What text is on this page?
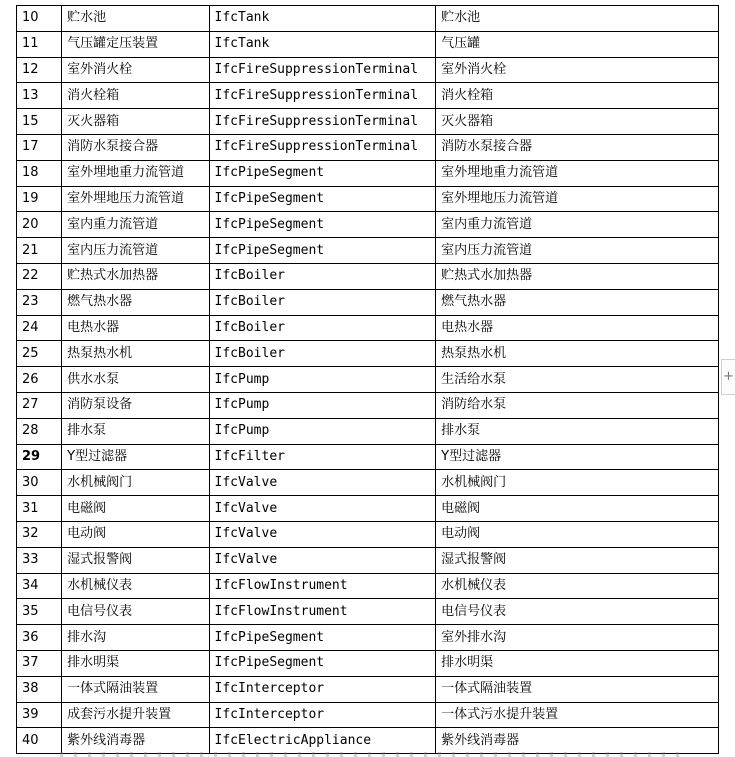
10	贮水池	IfcTank	贮水池
11	气压罐定压装置	IfcTank	气压罐
12	室外消火栓	IfcFireSuppressionTerminal	室外消火栓
13	消火栓箱	IfcFireSuppressionTerminal	消火栓箱
15	灭火器箱	IfcFireSuppressionTerminal	灭火器箱
17	消防水泵接合器	IfcFireSuppressionTerminal	消防水泵接合器
18	室外埋地重力流管道	IfcPipeSegment	室外埋地重力流管道
19	室外埋地压力流管道	IfcPipeSegment	室外埋地压力流管道
20	室内重力流管道	IfcPipeSegment	室内重力流管道
21	室内压力流管道	IfcPipeSegment	室内压力流管道
22	贮热式水加热器	IfcBoiler	贮热式水加热器
23	燃气热水器	IfcBoiler	燃气热水器
24	电热水器	IfcBoiler	电热水器
25	热泵热水机	IfcBoiler	热泵热水机
26	供水水泵	IfcPump	生活给水泵
27	消防泵设备	IfcPump	消防给水泵
28	排水泵	IfcPump	排水泵
29	Y型过滤器	IfcFilter	Y型过滤器
30	水机械阀门	IfcValve	水机械阀门
31	电磁阀	IfcValve	电磁阀
32	电动阀	IfcValve	电动阀
33	湿式报警阀	IfcValve	湿式报警阀
34	水机械仪表	IfcFlowInstrument	水机械仪表
35	电信号仪表	IfcFlowInstrument	电信号仪表
36	排水沟	IfcPipeSegment	室外排水沟
37	排水明渠	IfcPipeSegment	排水明渠
38	一体式隔油装置	IfcInterceptor	一体式隔油装置
39	成套污水提升装置	IfcInterceptor	一体式污水提升装置
40	紫外线消毒器	IfcElectricAppliance	紫外线消毒器
+
